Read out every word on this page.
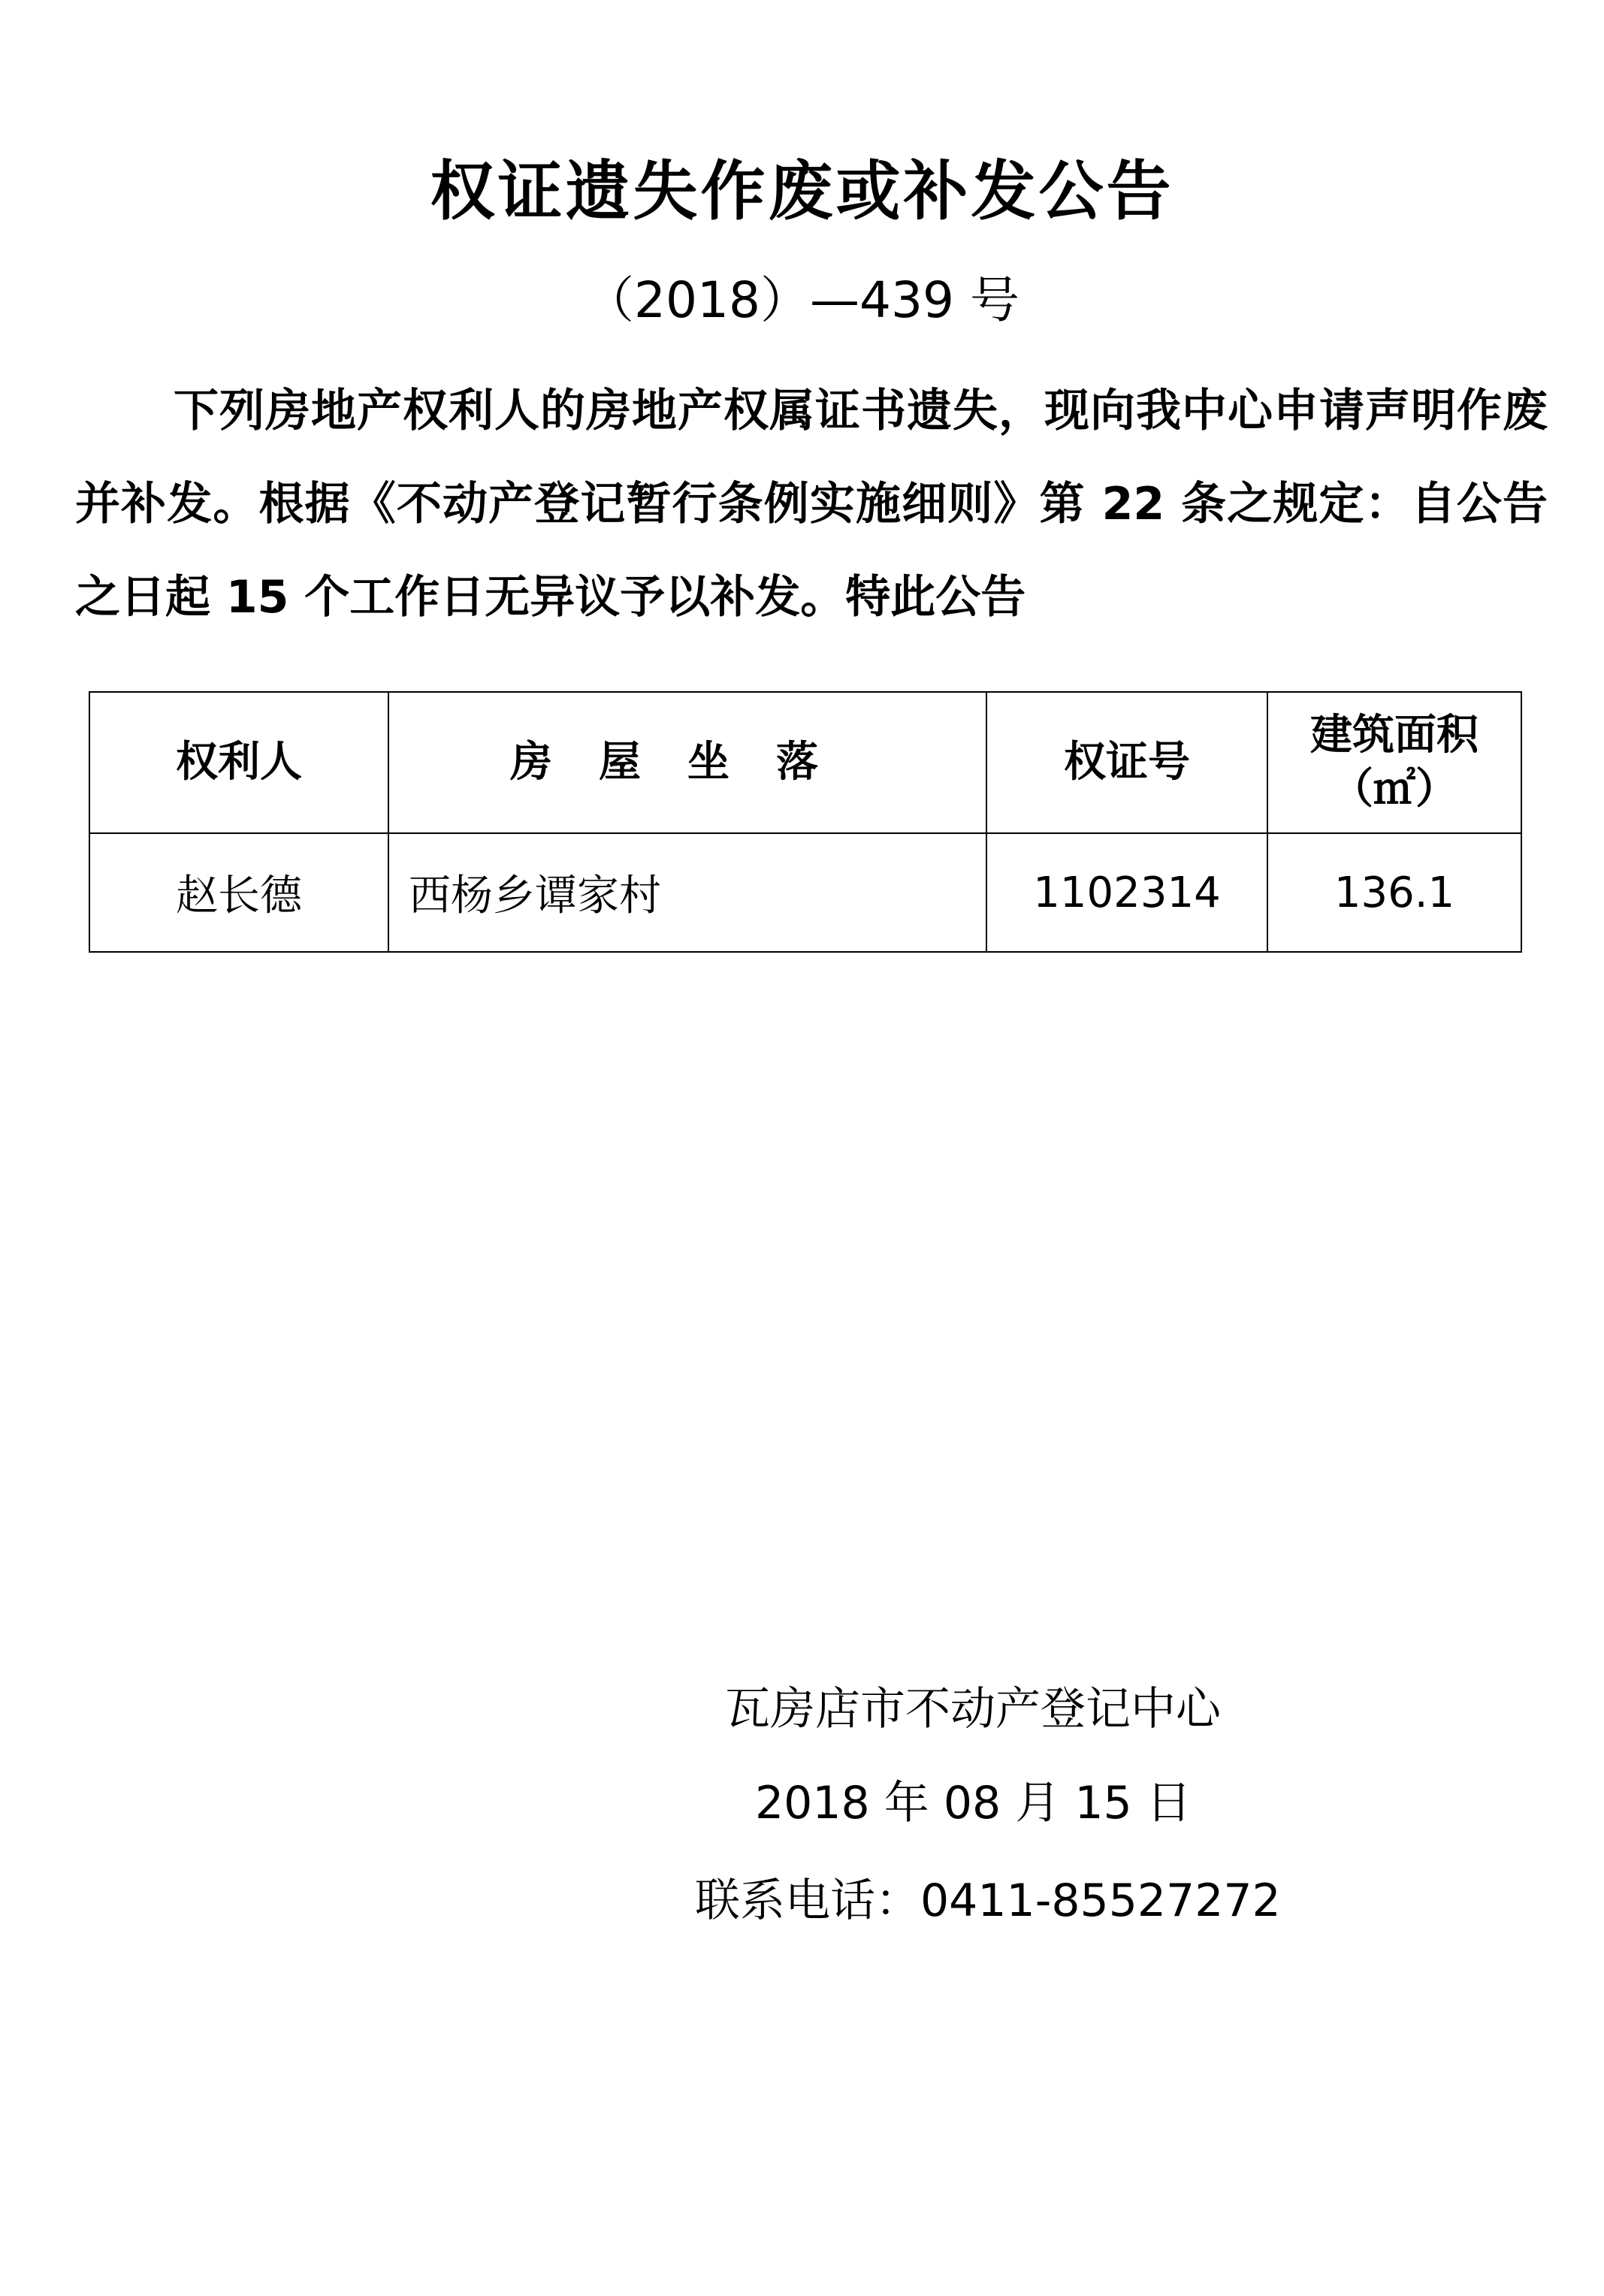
权证遗失作废或补发公告
（2018）—439 号
下列房地产权利人的房地产权属证书遗失，现向我中心申请声明作废并补发。根据《不动产登记暂行条例实施细则》第 22 条之规定：自公告之日起 15 个工作日无异议予以补发。特此公告
权利人	房屋坐落	权证号	建筑面积
（㎡）

赵长德	西杨乡谭家村	1102314	136.1
瓦房店市不动产登记中心
2018 年 08 月 15 日
联系电话：0411-85527272
